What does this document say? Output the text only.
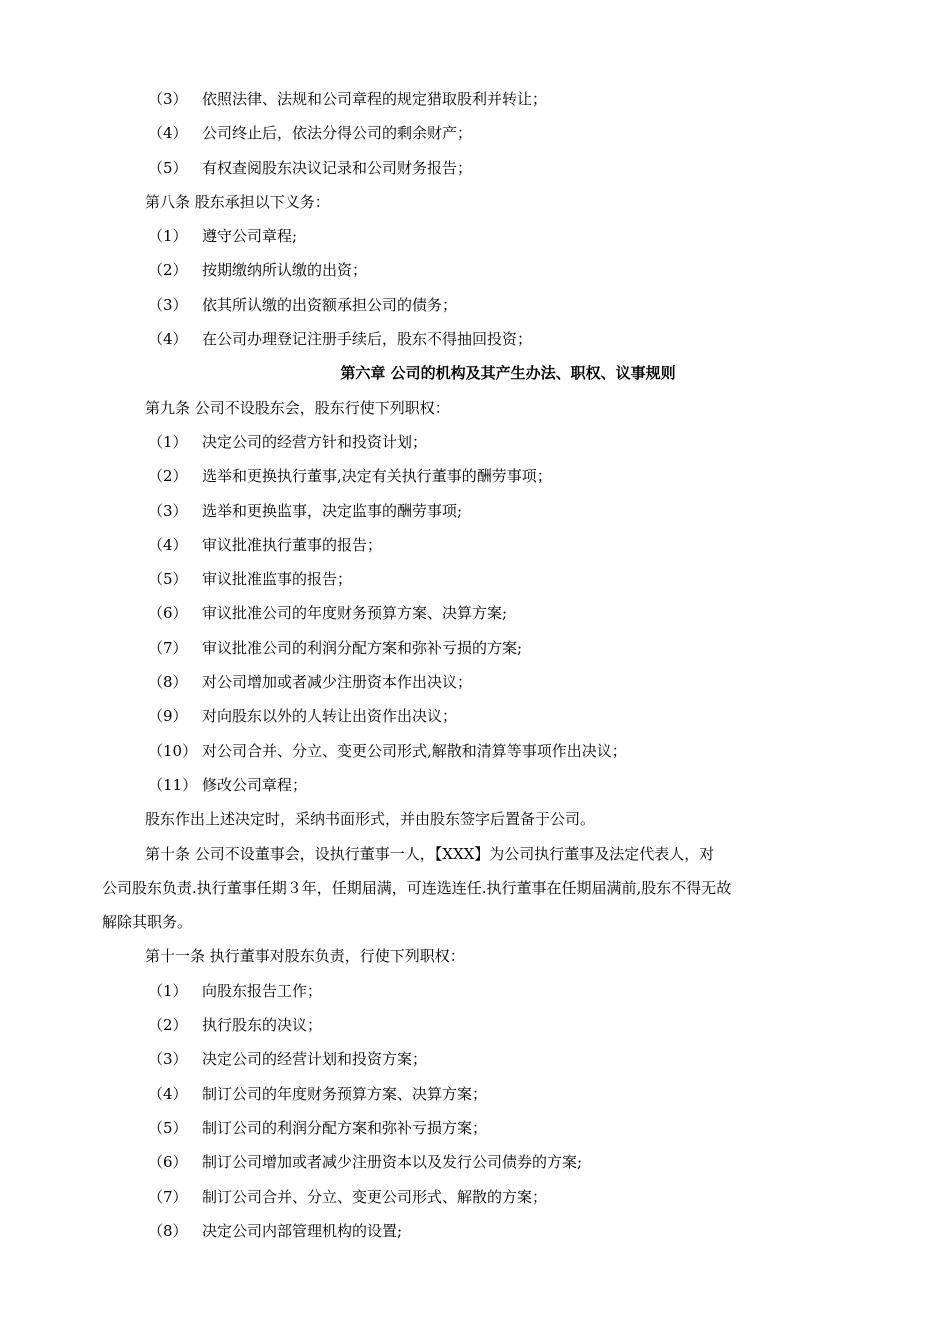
（3） 依照法律、法规和公司章程的规定猎取股利并转让；
（4） 公司终止后，依法分得公司的剩余财产；
（5） 有权查阅股东决议记录和公司财务报告；
第八条 股东承担以下义务：
（1） 遵守公司章程;
（2） 按期缴纳所认缴的出资；
（3） 依其所认缴的出资额承担公司的债务；
（4） 在公司办理登记注册手续后，股东不得抽回投资；
第六章 公司的机构及其产生办法、职权、议事规则
第九条 公司不设股东会，股东行使下列职权：
（1） 决定公司的经营方针和投资计划；
（2） 选举和更换执行董事,决定有关执行董事的酬劳事项；
（3） 选举和更换监事，决定监事的酬劳事项;
（4） 审议批准执行董事的报告；
（5） 审议批准监事的报告；
（6） 审议批准公司的年度财务预算方案、决算方案;
（7） 审议批准公司的利润分配方案和弥补亏损的方案;
（8） 对公司增加或者减少注册资本作出决议；
（9） 对向股东以外的人转让出资作出决议；
（10） 对公司合并、分立、变更公司形式,解散和清算等事项作出决议；
（11） 修改公司章程；
股东作出上述决定时，采纳书面形式，并由股东签字后置备于公司。
第十条 公司不设董事会，设执行董事一人，【XXX】为公司执行董事及法定代表人，对
公司股东负责.执行董事任期３年，任期届满，可连选连任.执行董事在任期届满前,股东不得无故
解除其职务。
第十一条 执行董事对股东负责，行使下列职权：
（1） 向股东报告工作；
（2） 执行股东的决议；
（3） 决定公司的经营计划和投资方案；
（4） 制订公司的年度财务预算方案、决算方案；
（5） 制订公司的利润分配方案和弥补亏损方案；
（6） 制订公司增加或者减少注册资本以及发行公司债券的方案;
（7） 制订公司合并、分立、变更公司形式、解散的方案；
（8） 决定公司内部管理机构的设置;
